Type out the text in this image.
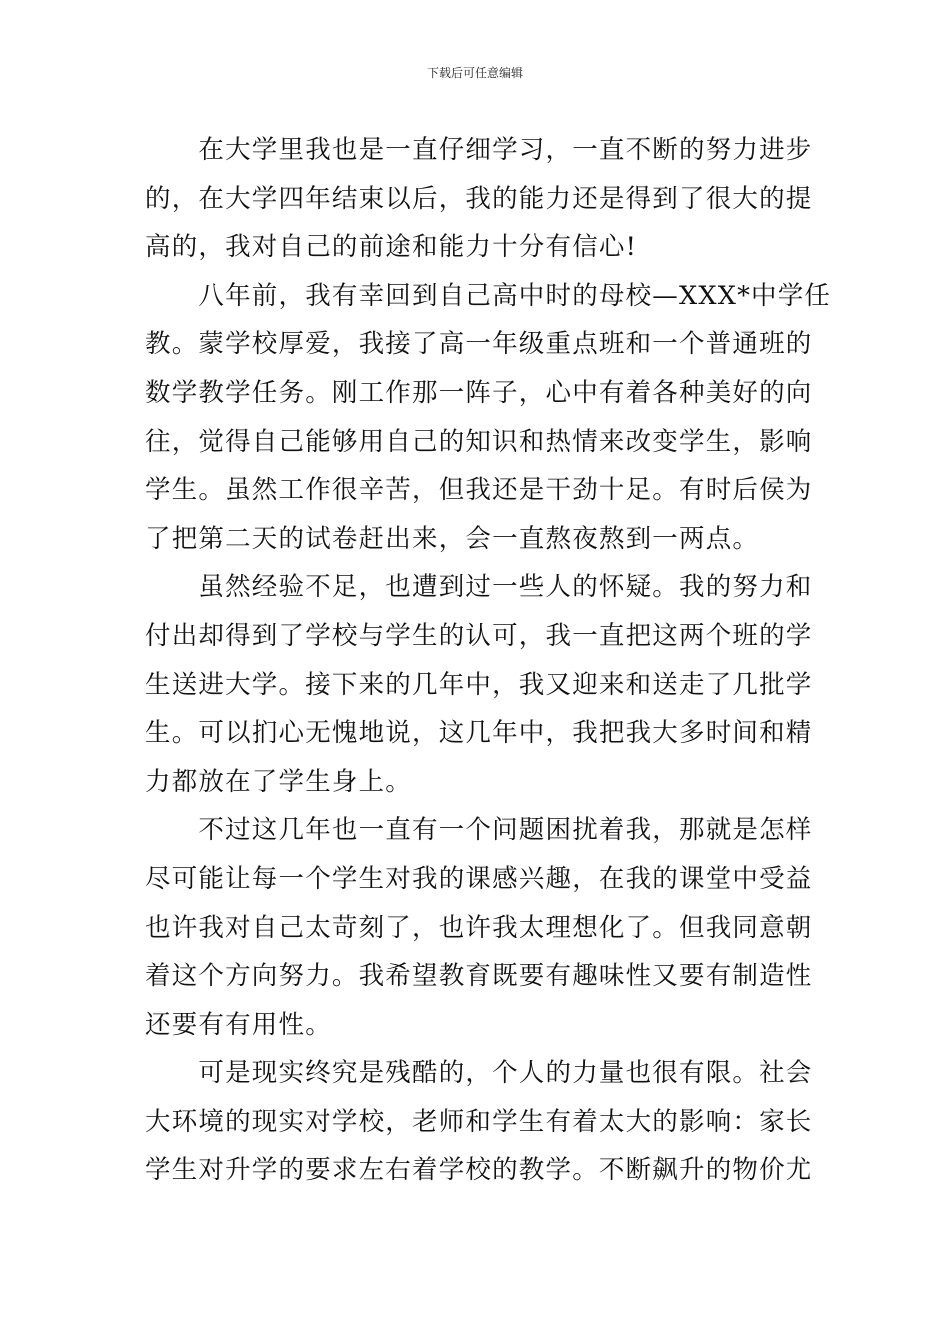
下载后可任意编辑

　　在大学里我也是一直仔细学习，一直不断的努力进步
的，在大学四年结束以后，我的能力还是得到了很大的提
高的，我对自己的前途和能力十分有信心!

　　八年前，我有幸回到自己高中时的母校—XXX*中学任
教。蒙学校厚爱，我接了高一年级重点班和一个普通班的
数学教学任务。刚工作那一阵子，心中有着各种美好的向
往，觉得自己能够用自己的知识和热情来改变学生，影响
学生。虽然工作很辛苦，但我还是干劲十足。有时后侯为
了把第二天的试卷赶出来，会一直熬夜熬到一两点。

　　虽然经验不足，也遭到过一些人的怀疑。我的努力和
付出却得到了学校与学生的认可，我一直把这两个班的学
生送进大学。接下来的几年中，我又迎来和送走了几批学
生。可以扪心无愧地说，这几年中，我把我大多时间和精
力都放在了学生身上。

　　不过这几年也一直有一个问题困扰着我，那就是怎样
尽可能让每一个学生对我的课感兴趣，在我的课堂中受益
也许我对自己太苛刻了，也许我太理想化了。但我同意朝
着这个方向努力。我希望教育既要有趣味性又要有制造性
还要有有用性。

　　可是现实终究是残酷的，个人的力量也很有限。社会
大环境的现实对学校，老师和学生有着太大的影响：家长
学生对升学的要求左右着学校的教学。不断飙升的物价尤
